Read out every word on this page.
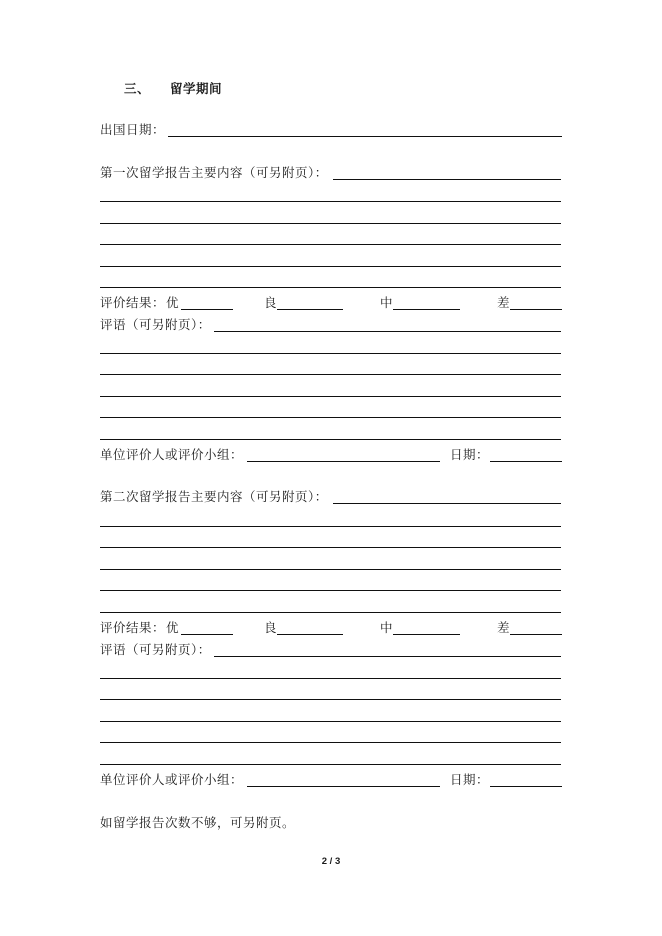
三、 留学期间
出国日期：
第一次留学报告主要内容（可另附页）：
评价结果： 优	良	中	差
评语（可另附页）：
单位评价人或评价小组：	日期：
第二次留学报告主要内容（可另附页）：
评价结果： 优	良	中	差
评语（可另附页）：
单位评价人或评价小组：	日期：
如留学报告次数不够，可另附页。
2 / 3
